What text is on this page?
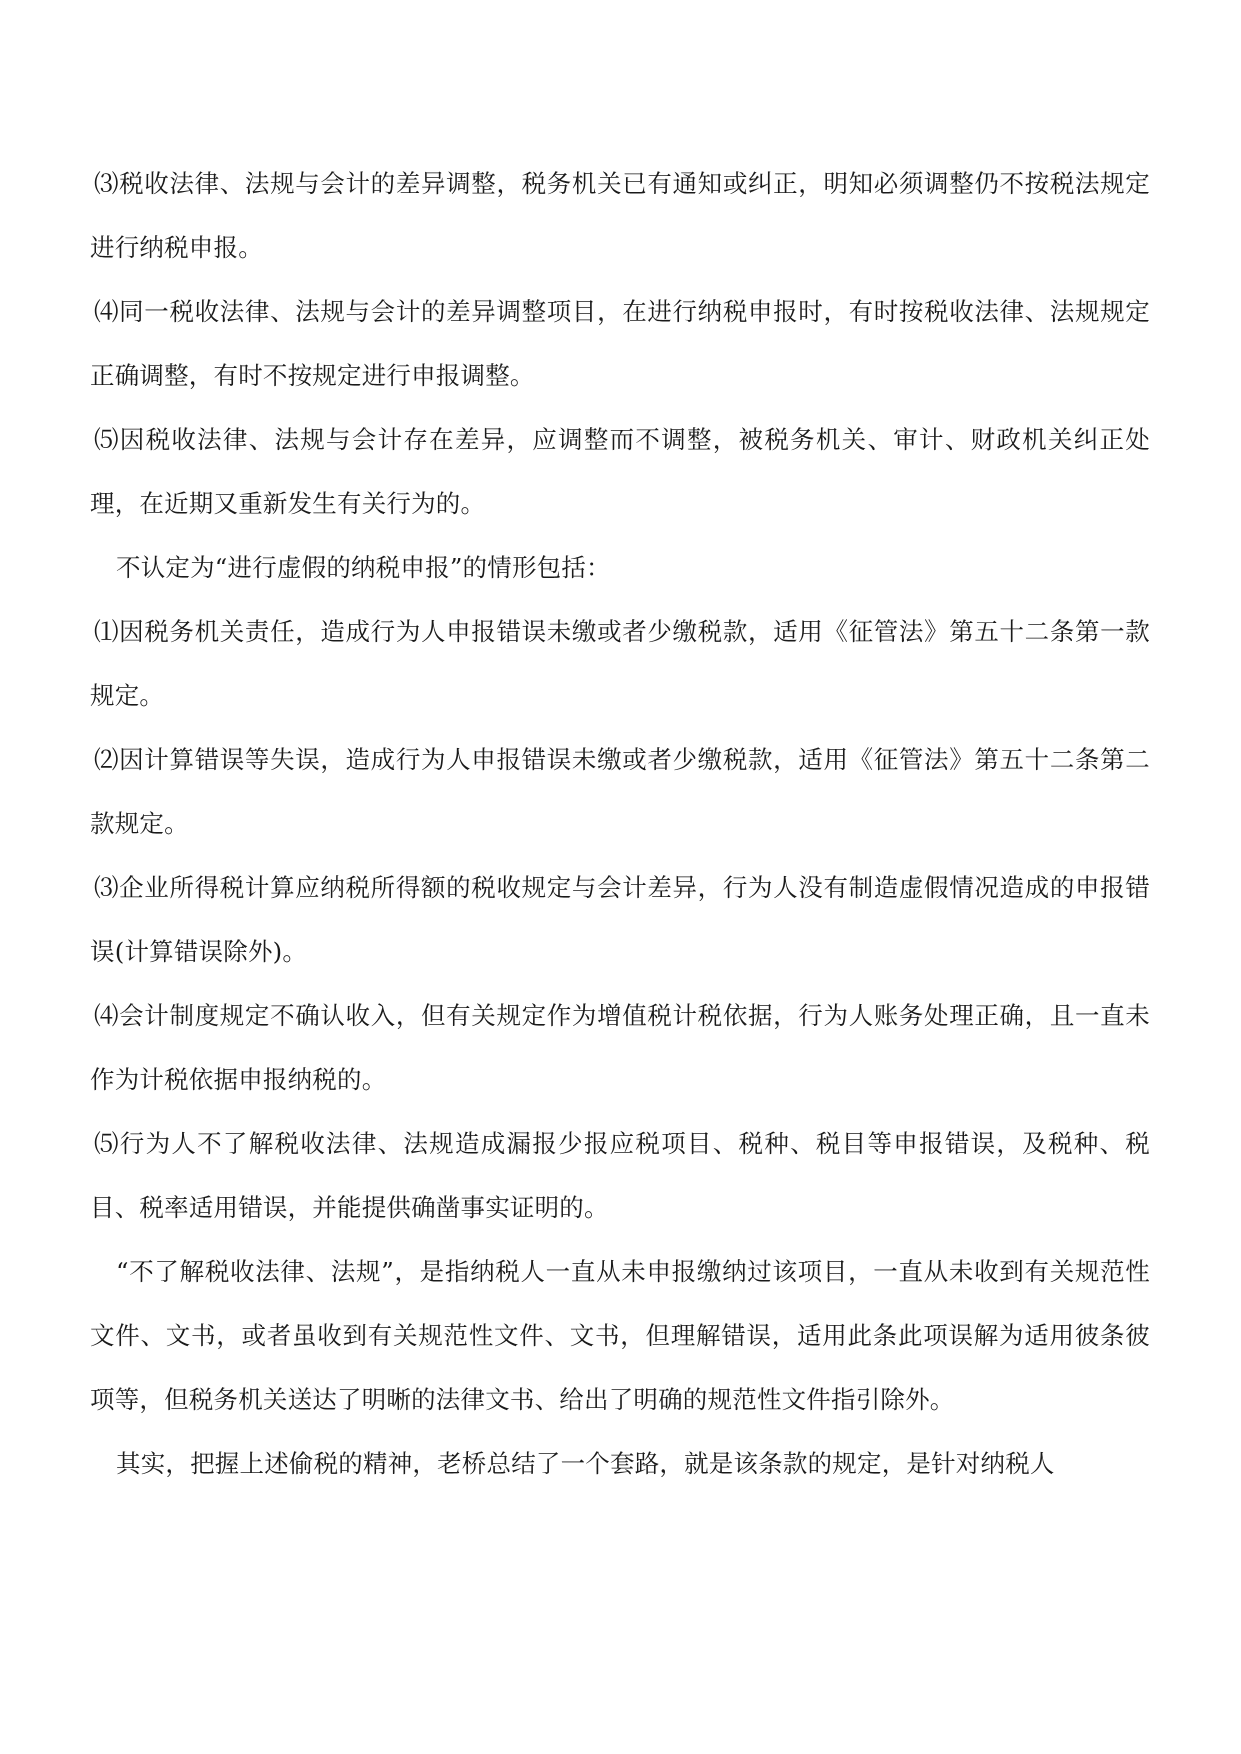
⑶税收法律、法规与会计的差异调整，税务机关已有通知或纠正，明知必须调整仍不按税法规定进行纳税申报。

⑷同一税收法律、法规与会计的差异调整项目，在进行纳税申报时，有时按税收法律、法规规定正确调整，有时不按规定进行申报调整。

⑸因税收法律、法规与会计存在差异，应调整而不调整，被税务机关、审计、财政机关纠正处理，在近期又重新发生有关行为的。

不认定为“进行虚假的纳税申报”的情形包括：

⑴因税务机关责任，造成行为人申报错误未缴或者少缴税款，适用《征管法》第五十二条第一款规定。

⑵因计算错误等失误，造成行为人申报错误未缴或者少缴税款，适用《征管法》第五十二条第二款规定。

⑶企业所得税计算应纳税所得额的税收规定与会计差异，行为人没有制造虚假情况造成的申报错误(计算错误除外)。

⑷会计制度规定不确认收入，但有关规定作为增值税计税依据，行为人账务处理正确，且一直未作为计税依据申报纳税的。

⑸行为人不了解税收法律、法规造成漏报少报应税项目、税种、税目等申报错误，及税种、税目、税率适用错误，并能提供确凿事实证明的。

“不了解税收法律、法规”，是指纳税人一直从未申报缴纳过该项目，一直从未收到有关规范性文件、文书，或者虽收到有关规范性文件、文书，但理解错误，适用此条此项误解为适用彼条彼项等，但税务机关送达了明晰的法律文书、给出了明确的规范性文件指引除外。

其实，把握上述偷税的精神，老桥总结了一个套路，就是该条款的规定，是针对纳税人
